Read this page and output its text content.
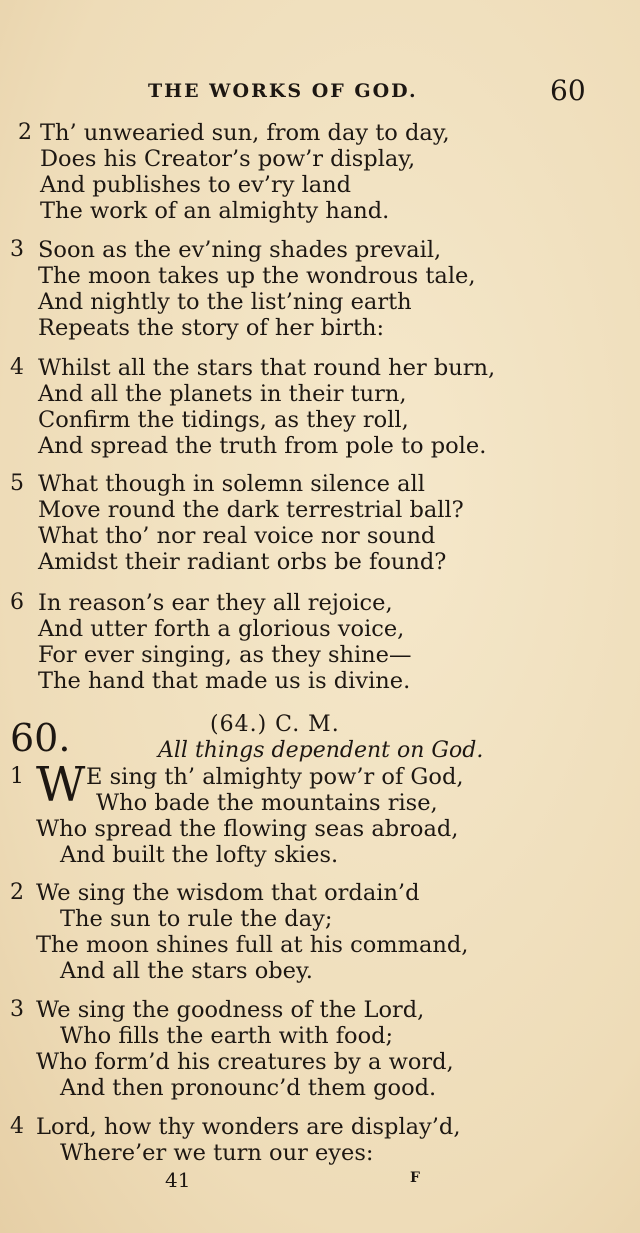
THE WORKS OF GOD.	60
2 Th’ unwearied sun, from day to day,
Does his Creator’s pow’r display,
And publishes to ev’ry land
The work of an almighty hand.
3 Soon as the ev’ning shades prevail,
The moon takes up the wondrous tale,
And nightly to the list’ning earth
Repeats the story of her birth:
4 Whilst all the stars that round her burn,
And all the planets in their turn,
Confirm the tidings, as they roll,
And spread the truth from pole to pole.
5 What though in solemn silence all
Move round the dark terrestrial ball?
What tho’ nor real voice nor sound
Amidst their radiant orbs be found?
6 In reason’s ear they all rejoice,
And utter forth a glorious voice,
For ever singing, as they shine—
The hand that made us is divine.
60.	(64.) C. M.
All things dependent on God.
W
1	E sing th’ almighty pow’r of God,
Who bade the mountains rise,
Who spread the flowing seas abroad,
And built the lofty skies.
2 We sing the wisdom that ordain’d
The sun to rule the day;
The moon shines full at his command,
And all the stars obey.
3 We sing the goodness of the Lord,
Who fills the earth with food;
Who form’d his creatures by a word,
And then pronounc’d them good.
4 Lord, how thy wonders are display’d,
Where’er we turn our eyes:
41	F
